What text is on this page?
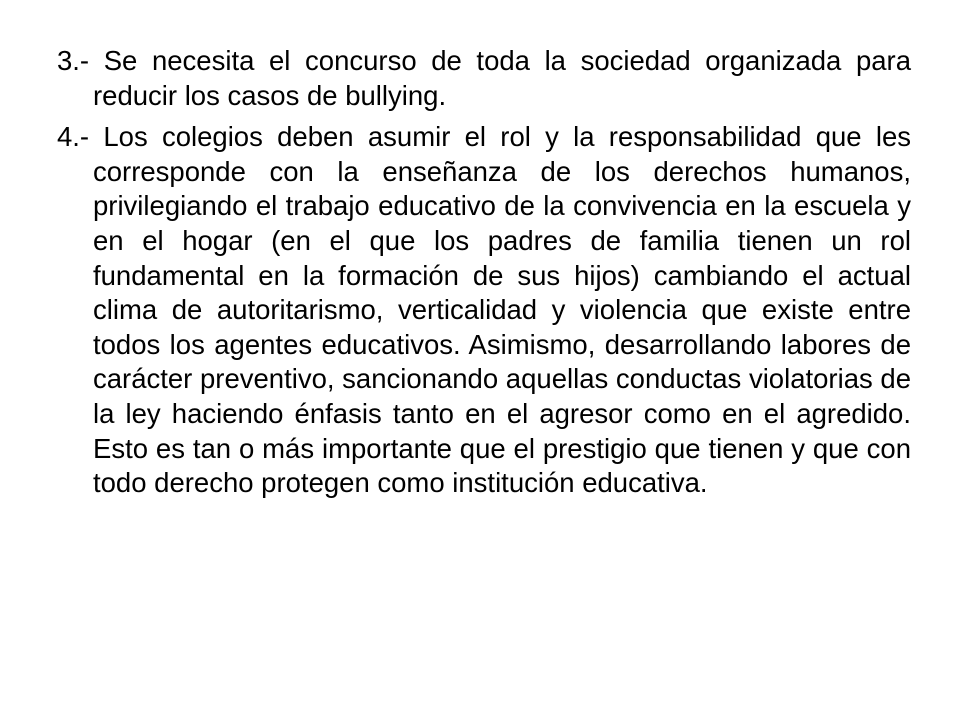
3.- Se necesita el concurso de toda la sociedad organizada para reducir los casos de bullying.

4.- Los colegios deben asumir el rol y la responsabilidad que les corresponde con la enseñanza de los derechos humanos, privilegiando el trabajo educativo de la convivencia en la escuela y en el hogar (en el que los padres de familia tienen un rol fundamental en la formación de sus hijos) cambiando el actual clima de autoritarismo, verticalidad y violencia que existe entre todos los agentes educativos. Asimismo, desarrollando labores de carácter preventivo, sancionando aquellas conductas violatorias de la ley haciendo énfasis tanto en el agresor como en el agredido. Esto es tan o más importante que el prestigio que tienen y que con todo derecho protegen como institución educativa.
